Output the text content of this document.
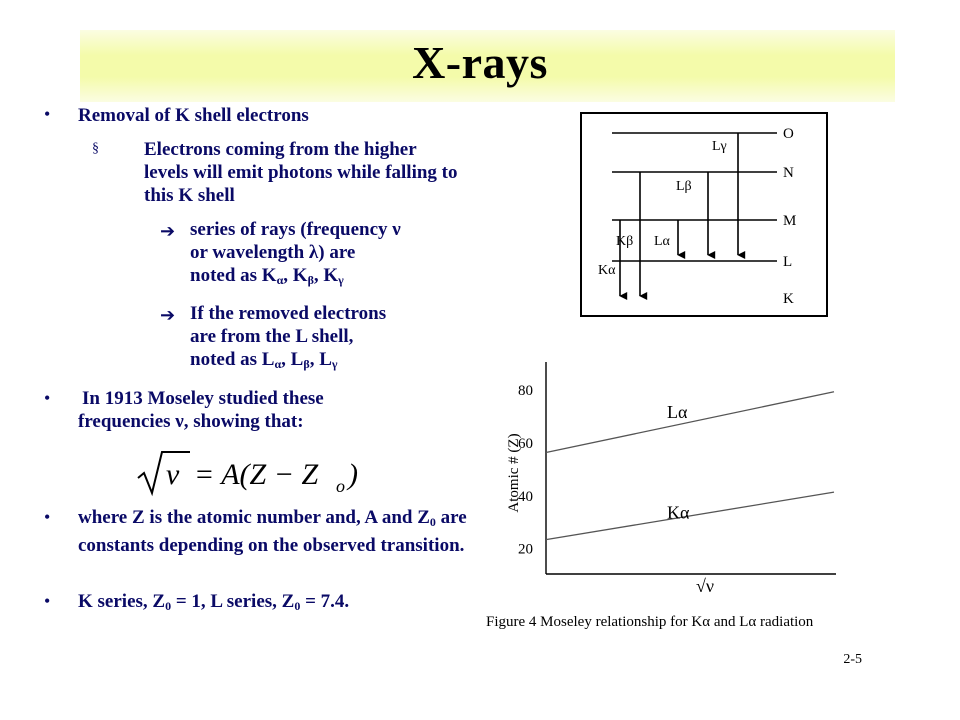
X-rays
• Removal of K shell electrons

§ Electrons coming from the higher levels will emit photons while falling to this K shell

➔ series of rays (frequency ν
or wavelength λ) are
noted as $K_\alpha$, $K_\beta$, $K_\gamma$

➔ If the removed electrons
are from the L shell,
noted as $L_\alpha$, $L_\beta$, $L_\gamma$

• In 1913 Moseley studied these frequencies ν, showing that:

ν = A(Z − Z o )
• where Z is the atomic number and, A and $Z_0$ are constants depending on the observed transition.

• K series, $Z_0 = 1$, L series, $Z_0 = 7.4$.

O
N
M
L
K
Lγ
Lβ
Kβ Lα
Kα
Atomic # (Z)
20
40
60
80
Lα
Kα
√ν
Figure 4 Moseley relationship for Kα and Lα radiation
2-5
